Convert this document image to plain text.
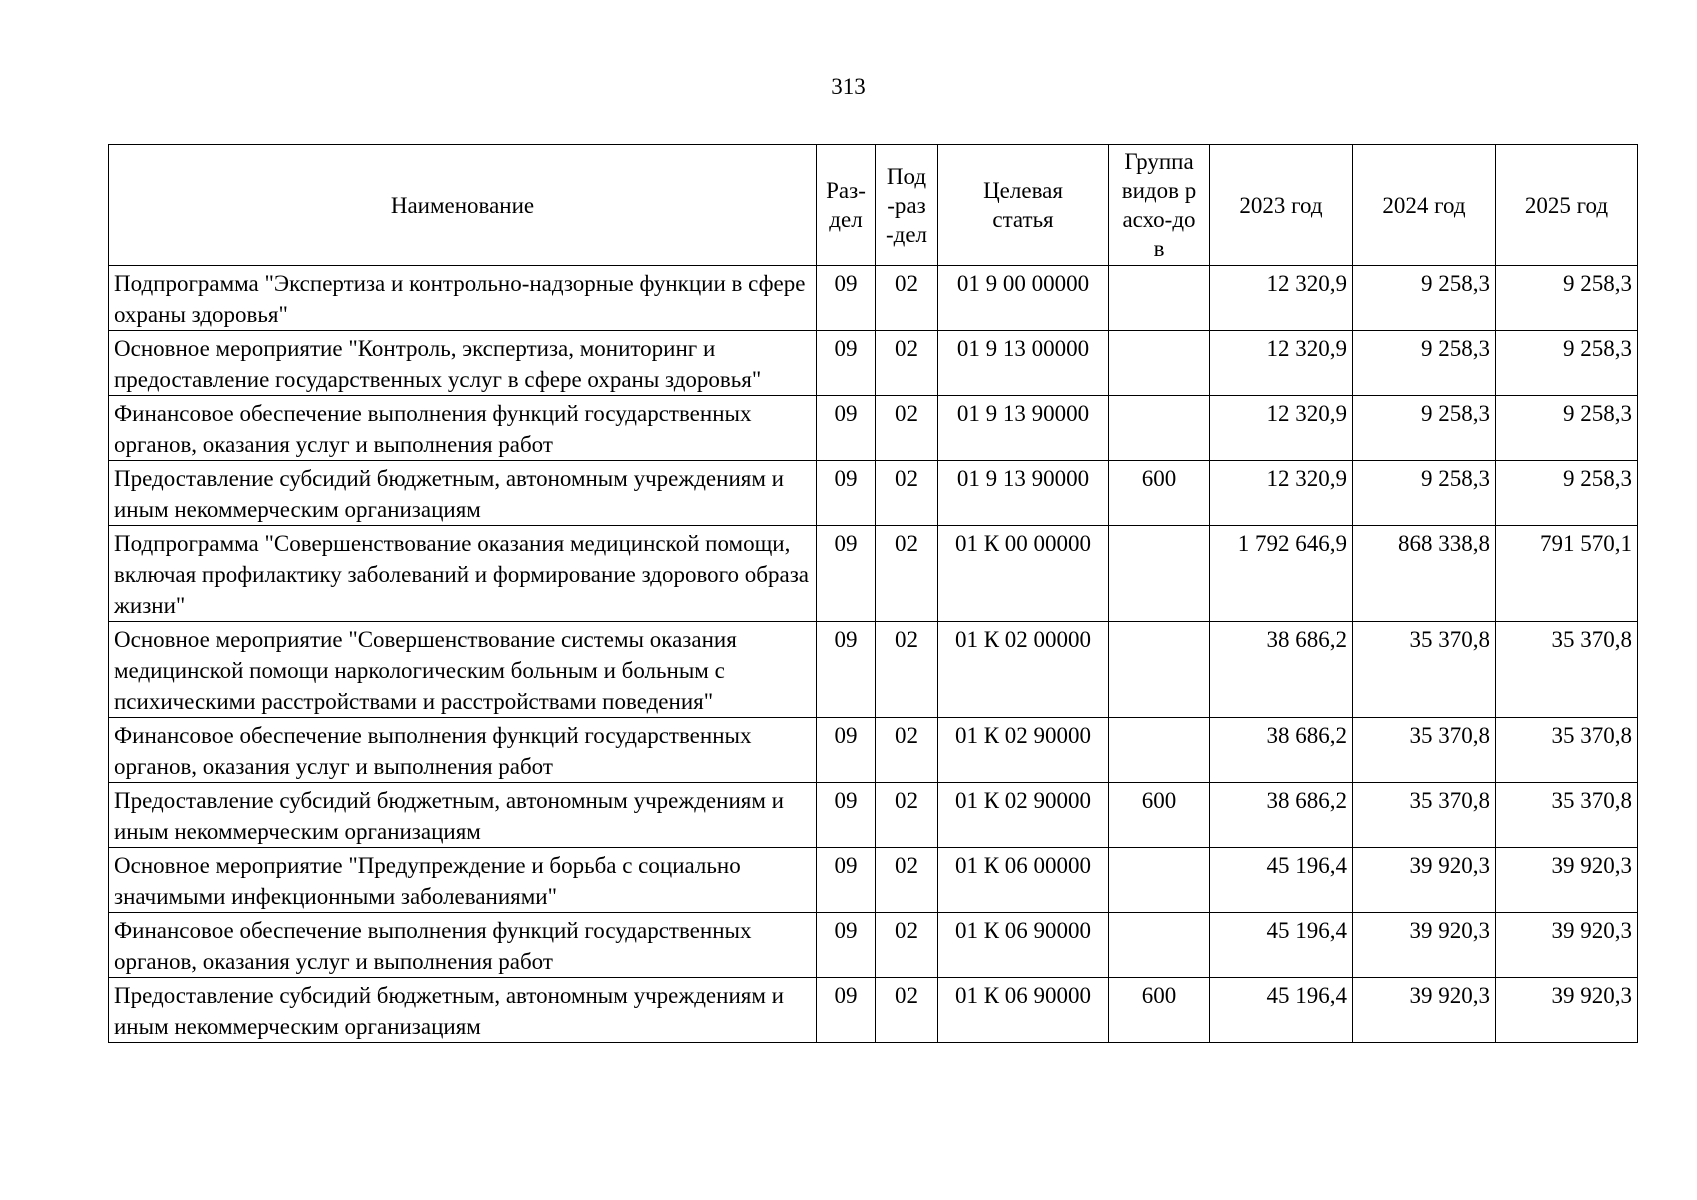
313
Наименование	Раз-дел	Под-раз-дел	Целевая статья	Группа видов расхо-дов	2023 год	2024 год	2025 год
Подпрограмма "Экспертиза и контрольно-надзорные функции в сфере охраны здоровья"	09	02	01 9 00 00000		12 320,9	9 258,3	9 258,3
Основное мероприятие "Контроль, экспертиза, мониторинг и предоставление государственных услуг в сфере охраны здоровья"	09	02	01 9 13 00000		12 320,9	9 258,3	9 258,3
Финансовое обеспечение выполнения функций государственных органов, оказания услуг и выполнения работ	09	02	01 9 13 90000		12 320,9	9 258,3	9 258,3
Предоставление субсидий бюджетным, автономным учреждениям и иным некоммерческим организациям	09	02	01 9 13 90000	600	12 320,9	9 258,3	9 258,3
Подпрограмма "Совершенствование оказания медицинской помощи, включая профилактику заболеваний и формирование здорового образа жизни"	09	02	01 К 00 00000		1 792 646,9	868 338,8	791 570,1
Основное мероприятие "Совершенствование системы оказания медицинской помощи наркологическим больным и больным с психическими расстройствами и расстройствами поведения"	09	02	01 К 02 00000		38 686,2	35 370,8	35 370,8
Финансовое обеспечение выполнения функций государственных органов, оказания услуг и выполнения работ	09	02	01 К 02 90000		38 686,2	35 370,8	35 370,8
Предоставление субсидий бюджетным, автономным учреждениям и иным некоммерческим организациям	09	02	01 К 02 90000	600	38 686,2	35 370,8	35 370,8
Основное мероприятие "Предупреждение и борьба с социально значимыми инфекционными заболеваниями"	09	02	01 К 06 00000		45 196,4	39 920,3	39 920,3
Финансовое обеспечение выполнения функций государственных органов, оказания услуг и выполнения работ	09	02	01 К 06 90000		45 196,4	39 920,3	39 920,3
Предоставление субсидий бюджетным, автономным учреждениям и иным некоммерческим организациям	09	02	01 К 06 90000	600	45 196,4	39 920,3	39 920,3
